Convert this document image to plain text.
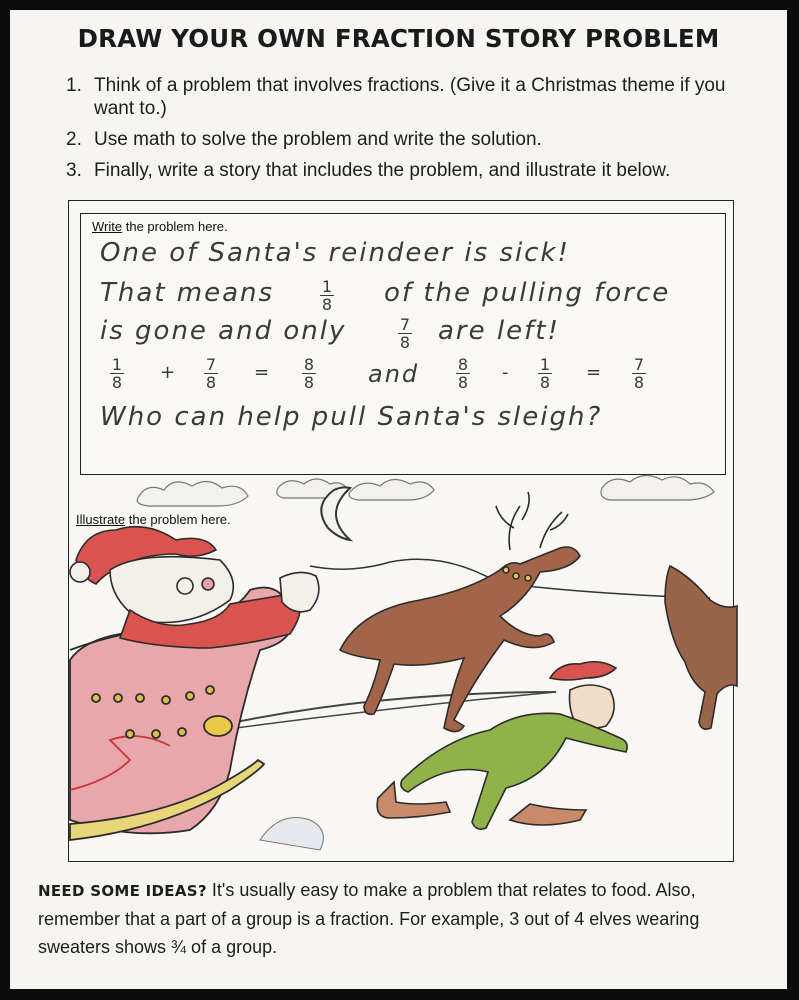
DRAW YOUR OWN FRACTION STORY PROBLEM
1. Think of a problem that involves fractions. (Give it a Christmas theme if you want to.)
2. Use math to solve the problem and write the solution.
3. Finally, write a story that includes the problem, and illustrate it below.
Write the problem here.
One of Santa's reindeer is sick!
That means	1
8 of the pulling force
is gone and only	7
8 are left!
1
8 + 7
8 = 8
8 and 8
8 - 1
8 = 7
8
Who can help pull Santa's sleigh?
Illustrate the problem here.
NEED SOME IDEAS? It's usually easy to make a problem that relates to food. Also, remember that a part of a group is a fraction. For example, 3 out of 4 elves wearing sweaters shows ¾ of a group.
